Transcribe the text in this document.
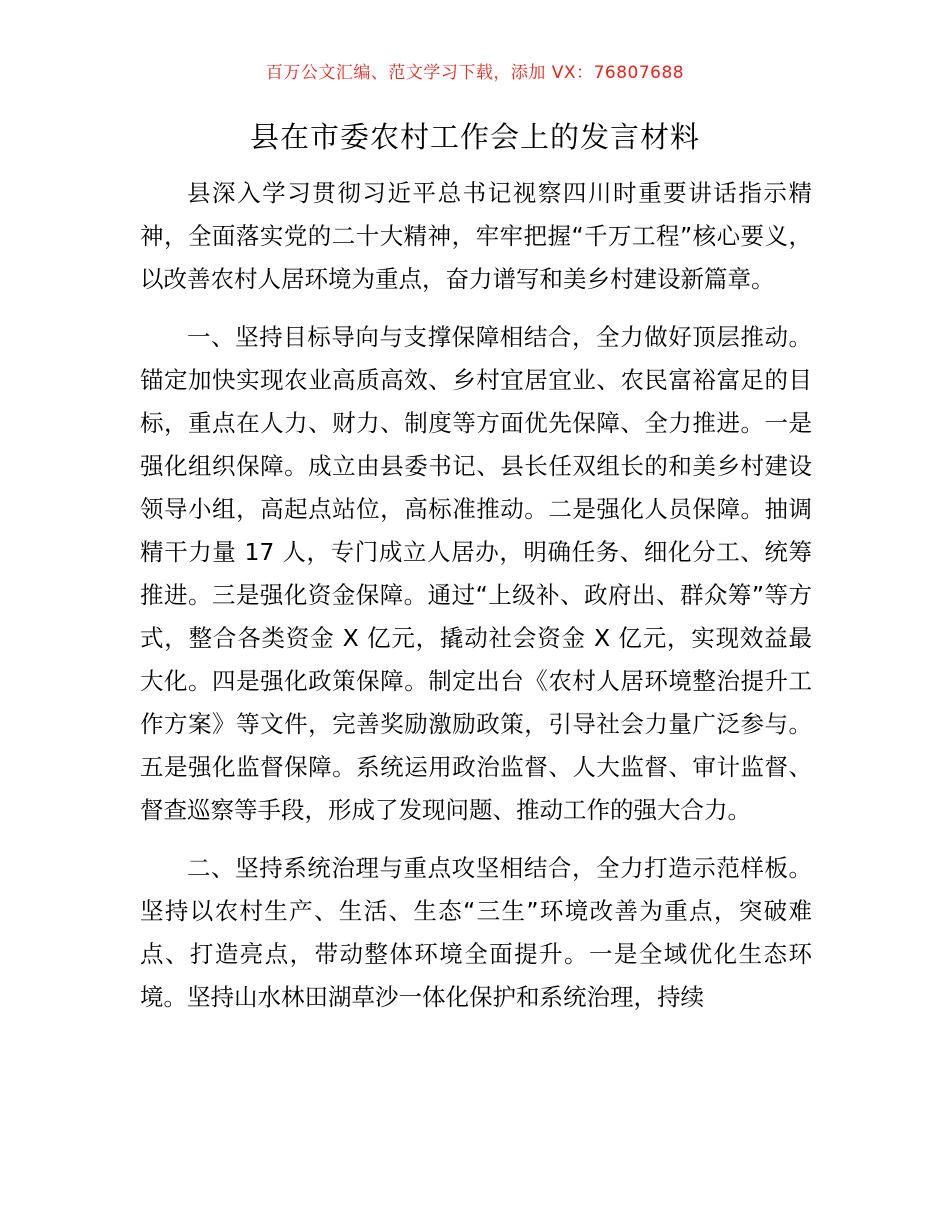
百万公文汇编、范文学习下载，添加 VX：76807688
县在市委农村工作会上的发言材料

县深入学习贯彻习近平总书记视察四川时重要讲话指示精神，全面落实党的二十大精神，牢牢把握“千万工程”核心要义，以改善农村人居环境为重点，奋力谱写和美乡村建设新篇章。

一、坚持目标导向与支撑保障相结合，全力做好顶层推动。锚定加快实现农业高质高效、乡村宜居宜业、农民富裕富足的目标，重点在人力、财力、制度等方面优先保障、全力推进。一是强化组织保障。成立由县委书记、县长任双组长的和美乡村建设领导小组，高起点站位，高标准推动。二是强化人员保障。抽调精干力量 17 人，专门成立人居办，明确任务、细化分工、统筹推进。三是强化资金保障。通过“上级补、政府出、群众筹”等方式，整合各类资金 X 亿元，撬动社会资金 X 亿元，实现效益最大化。四是强化政策保障。制定出台《农村人居环境整治提升工作方案》等文件，完善奖励激励政策，引导社会力量广泛参与。五是强化监督保障。系统运用政治监督、人大监督、审计监督、督查巡察等手段，形成了发现问题、推动工作的强大合力。

二、坚持系统治理与重点攻坚相结合，全力打造示范样板。坚持以农村生产、生活、生态“三生”环境改善为重点，突破难点、打造亮点，带动整体环境全面提升。一是全域优化生态环境。坚持山水林田湖草沙一体化保护和系统治理，持续
